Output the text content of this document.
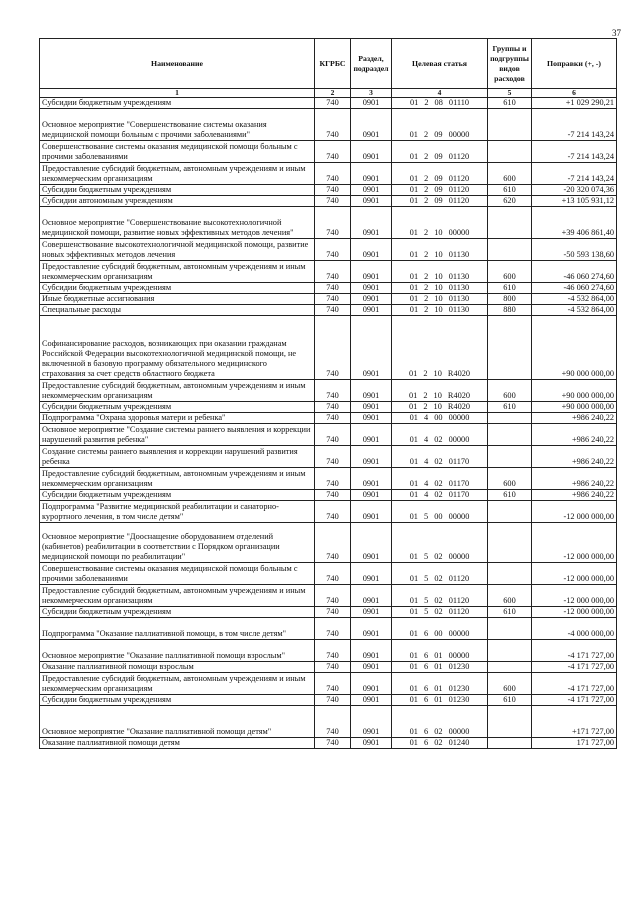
37
Наименование	КГРБС	Раздел, подраздел	Целевая статья	Группы и подгруппы видов расходов	Поправки (+, -)
1	2	3	4	5	6
Субсидии бюджетным учреждениям	740	0901	01 2 08 01110	610	+1 029 290,21
Основное мероприятие "Совершенствование системы оказания медицинской помощи больным с прочими заболеваниями"	740	0901	01 2 09 00000		-7 214 143,24
Совершенствование системы оказания медицинской помощи больным с прочими заболеваниями	740	0901	01 2 09 01120		-7 214 143,24
Предоставление субсидий бюджетным, автономным учреждениям и иным некоммерческим организациям	740	0901	01 2 09 01120	600	-7 214 143,24
Субсидии бюджетным учреждениям	740	0901	01 2 09 01120	610	-20 320 074,36
Субсидии автономным учреждениям	740	0901	01 2 09 01120	620	+13 105 931,12
Основное мероприятие "Совершенствование высокотехнологичной медицинской помощи, развитие новых эффективных методов лечения"	740	0901	01 2 10 00000		+39 406 861,40
Совершенствование высокотехнологичной медицинской помощи, развитие новых эффективных методов лечения	740	0901	01 2 10 01130		-50 593 138,60
Предоставление субсидий бюджетным, автономным учреждениям и иным некоммерческим организациям	740	0901	01 2 10 01130	600	-46 060 274,60
Субсидии бюджетным учреждениям	740	0901	01 2 10 01130	610	-46 060 274,60
Иные бюджетные ассигнования	740	0901	01 2 10 01130	800	-4 532 864,00
Специальные расходы	740	0901	01 2 10 01130	880	-4 532 864,00
Софинансирование расходов, возникающих при оказании гражданам Российской Федерации высокотехнологичной медицинской помощи, не включенной в базовую программу обязательного медицинского страхования за счет средств областного бюджета	740	0901	01 2 10 R4020		+90 000 000,00
Предоставление субсидий бюджетным, автономным учреждениям и иным некоммерческим организациям	740	0901	01 2 10 R4020	600	+90 000 000,00
Субсидии бюджетным учреждениям	740	0901	01 2 10 R4020	610	+90 000 000,00
Подпрограмма "Охрана здоровья матери и ребенка"	740	0901	01 4 00 00000		+986 240,22
Основное мероприятие "Создание системы раннего выявления и коррекции нарушений развития ребенка"	740	0901	01 4 02 00000		+986 240,22
Создание системы раннего выявления и коррекции нарушений развития ребенка	740	0901	01 4 02 01170		+986 240,22
Предоставление субсидий бюджетным, автономным учреждениям и иным некоммерческим организациям	740	0901	01 4 02 01170	600	+986 240,22
Субсидии бюджетным учреждениям	740	0901	01 4 02 01170	610	+986 240,22
Подпрограмма "Развитие медицинской реабилитации и санаторно-курортного лечения, в том числе детям"	740	0901	01 5 00 00000		-12 000 000,00
Основное мероприятие "Дооснащение оборудованием отделений (кабинетов) реабилитации в соответствии с Порядком организации медицинской помощи по реабилитации"	740	0901	01 5 02 00000		-12 000 000,00
Совершенствование системы оказания медицинской помощи больным с прочими заболеваниями	740	0901	01 5 02 01120		-12 000 000,00
Предоставление субсидий бюджетным, автономным учреждениям и иным некоммерческим организациям	740	0901	01 5 02 01120	600	-12 000 000,00
Субсидии бюджетным учреждениям	740	0901	01 5 02 01120	610	-12 000 000,00
Подпрограмма "Оказание паллиативной помощи, в том числе детям"	740	0901	01 6 00 00000		-4 000 000,00
Основное мероприятие "Оказание паллиативной помощи взрослым"	740	0901	01 6 01 00000		-4 171 727,00
Оказание паллиативной помощи взрослым	740	0901	01 6 01 01230		-4 171 727,00
Предоставление субсидий бюджетным, автономным учреждениям и иным некоммерческим организациям	740	0901	01 6 01 01230	600	-4 171 727,00
Субсидии бюджетным учреждениям	740	0901	01 6 01 01230	610	-4 171 727,00
Основное мероприятие "Оказание паллиативной помощи детям"	740	0901	01 6 02 00000		+171 727,00
Оказание паллиативной помощи детям	740	0901	01 6 02 01240		171 727,00
